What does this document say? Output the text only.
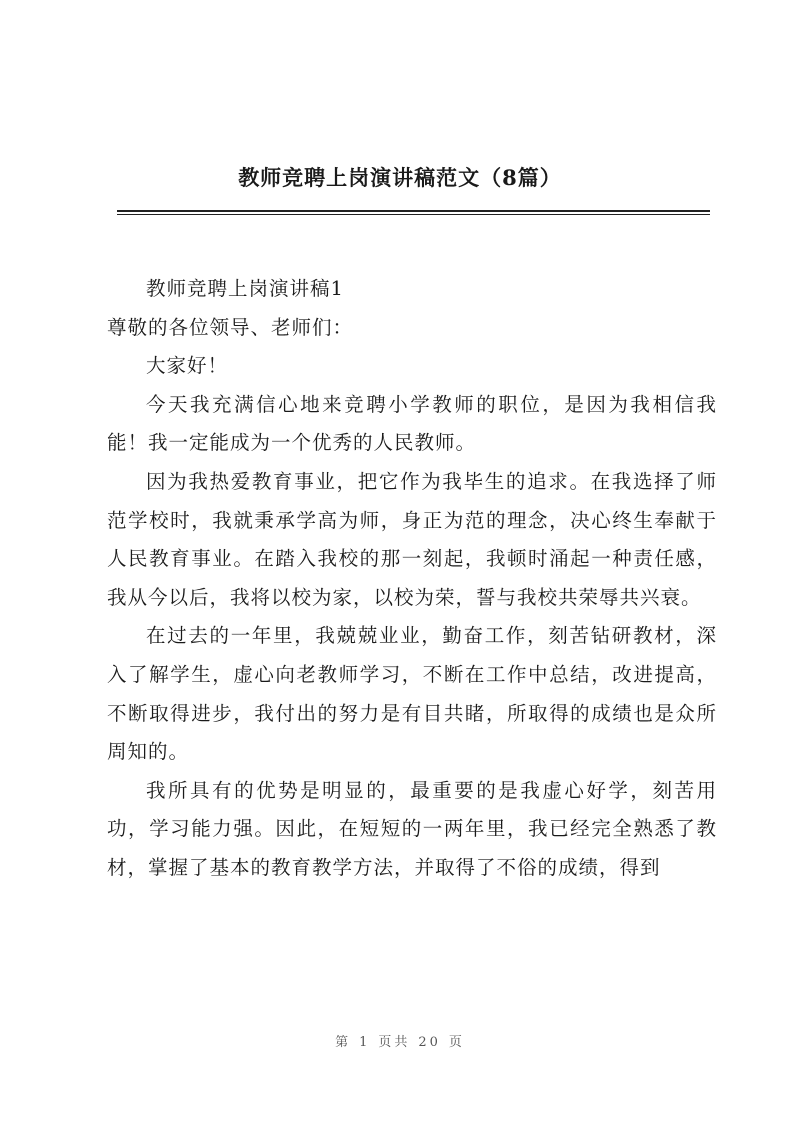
教师竞聘上岗演讲稿范文（8篇）

教师竞聘上岗演讲稿1

尊敬的各位领导、老师们：

大家好！

今天我充满信心地来竞聘小学教师的职位，是因为我相信我能！我一定能成为一个优秀的人民教师。

因为我热爱教育事业，把它作为我毕生的追求。在我选择了师范学校时，我就秉承学高为师，身正为范的理念，决心终生奉献于人民教育事业。在踏入我校的那一刻起，我顿时涌起一种责任感，我从今以后，我将以校为家，以校为荣，誓与我校共荣辱共兴衰。

在过去的一年里，我兢兢业业，勤奋工作，刻苦钻研教材，深入了解学生，虚心向老教师学习，不断在工作中总结，改进提高，不断取得进步，我付出的努力是有目共睹，所取得的成绩也是众所周知的。

我所具有的优势是明显的，最重要的是我虚心好学，刻苦用功，学习能力强。因此，在短短的一两年里，我已经完全熟悉了教材，掌握了基本的教育教学方法，并取得了不俗的成绩，得到

第 1 页共 20 页
